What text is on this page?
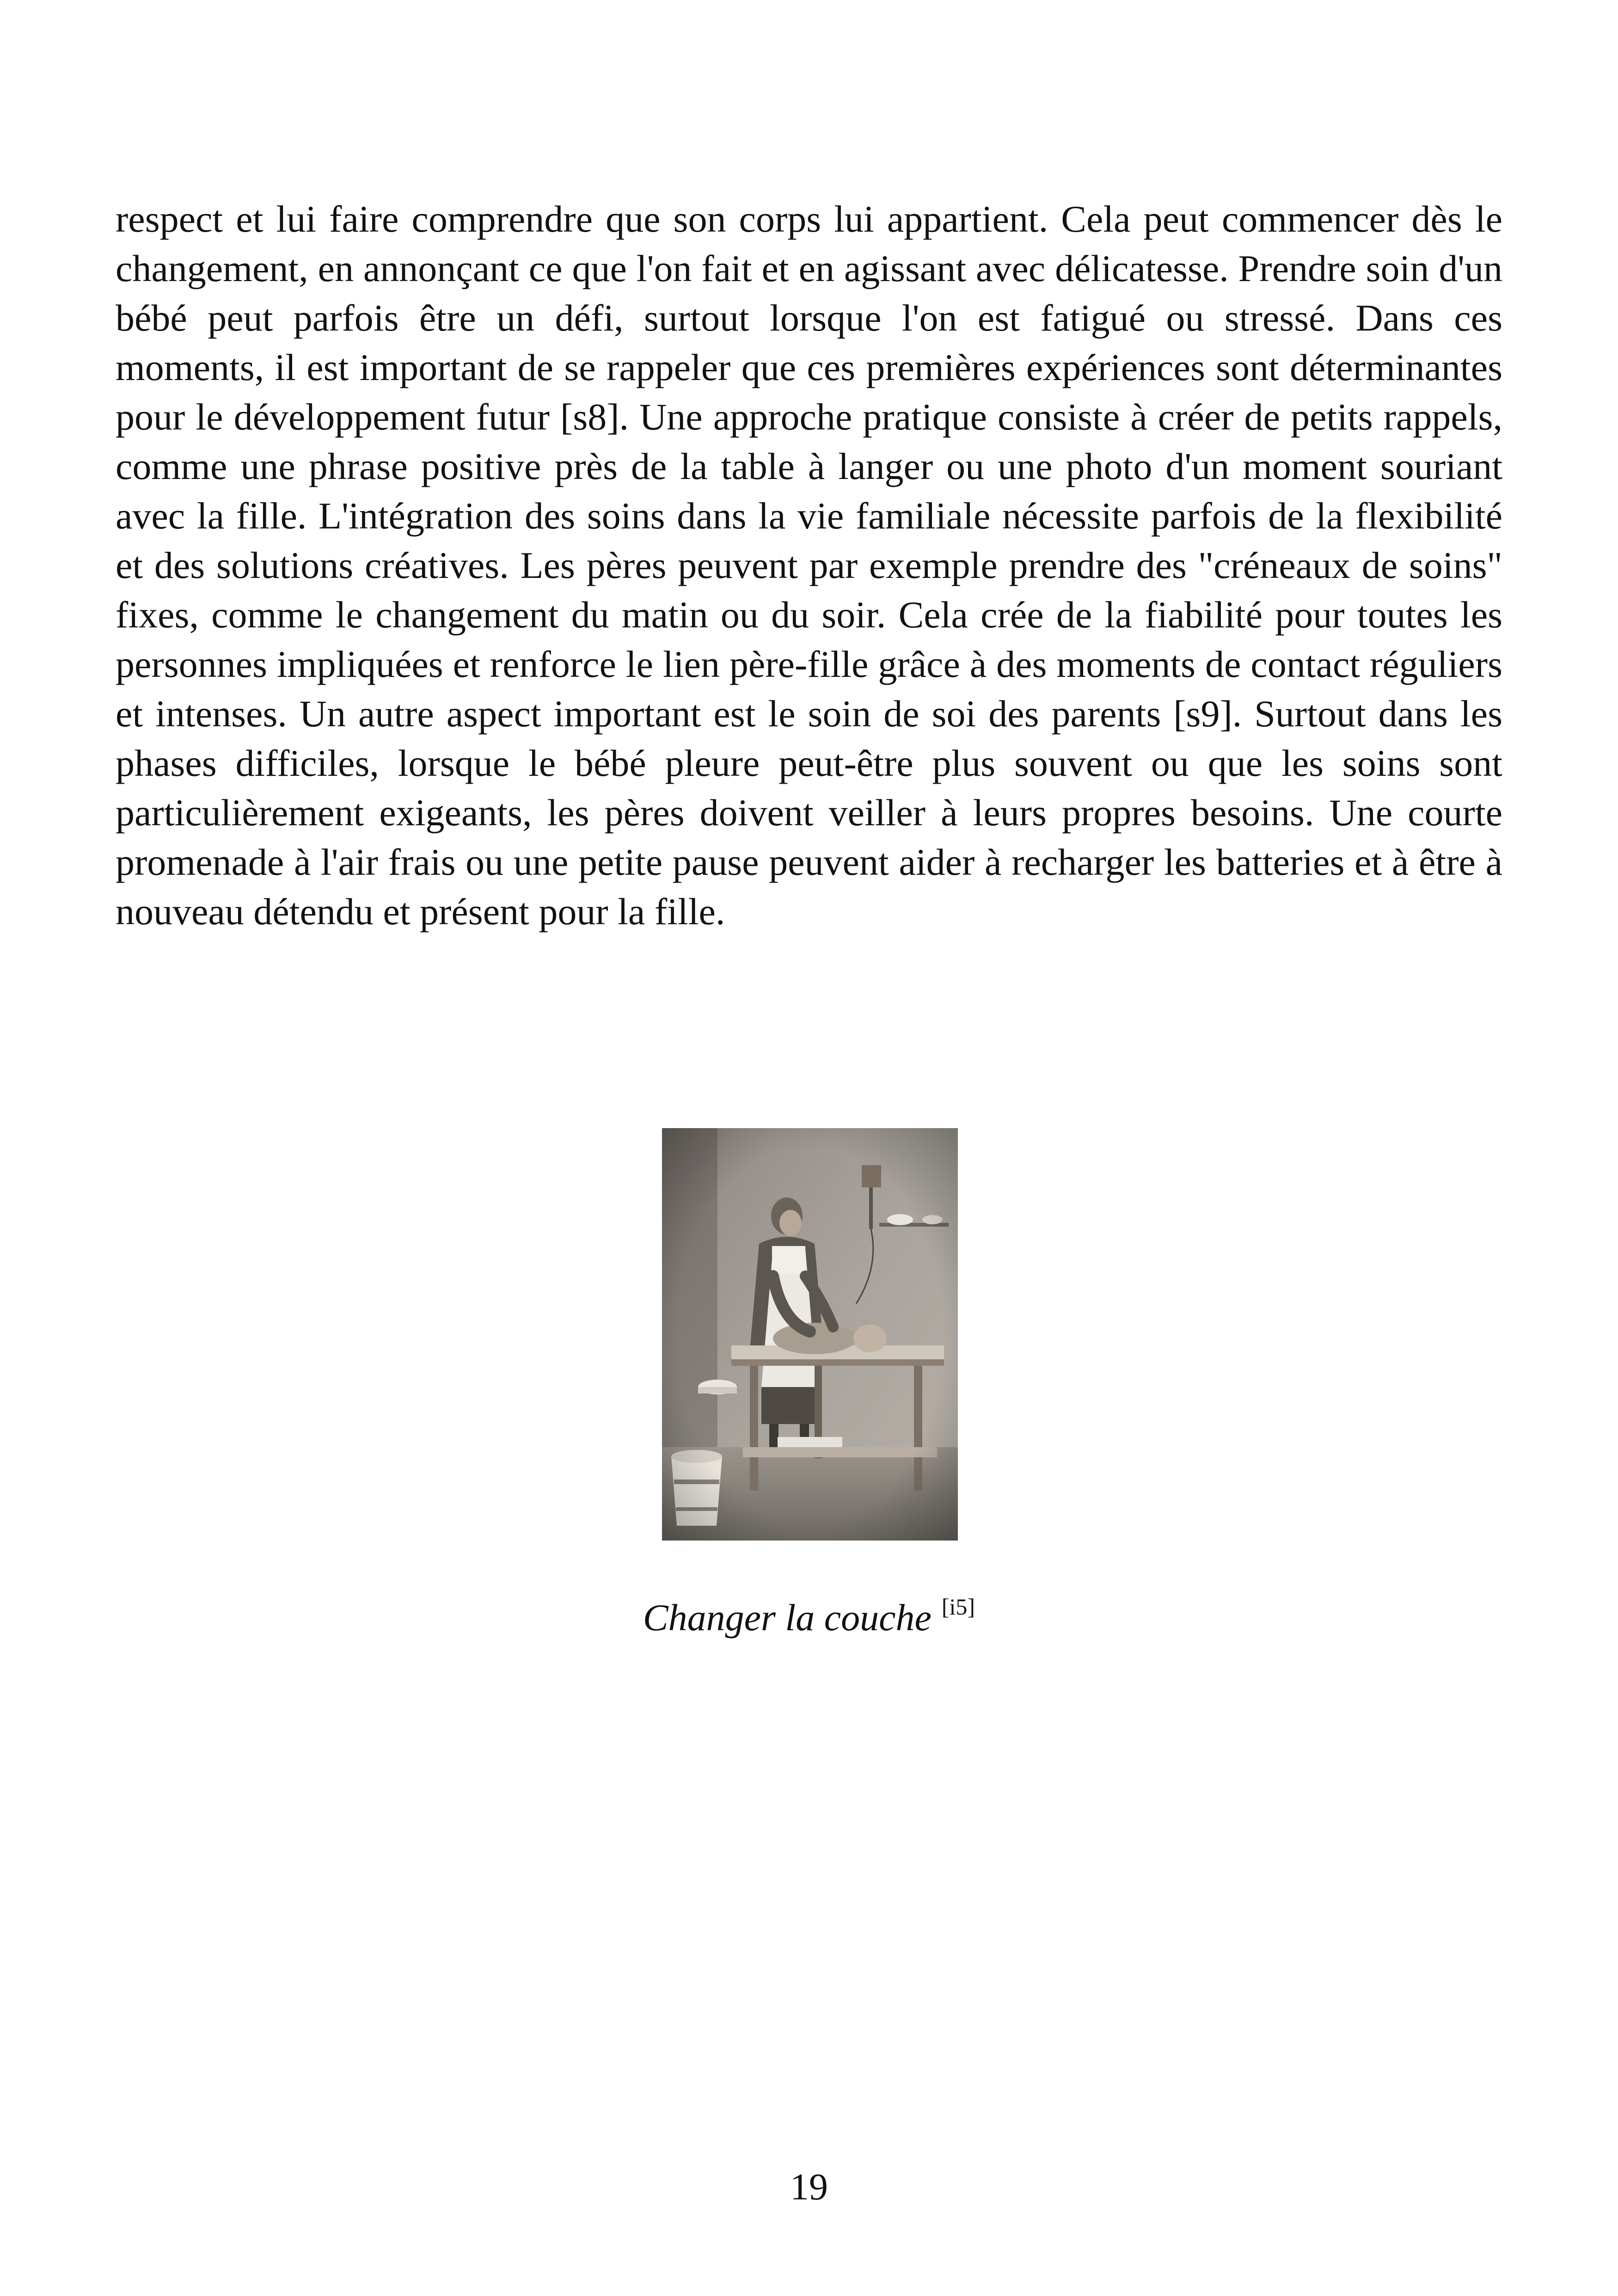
respect et lui faire comprendre que son corps lui appartient. Cela peut commencer dès le changement, en annonçant ce que l'on fait et en agissant avec délicatesse. Prendre soin d'un bébé peut parfois être un défi, surtout lorsque l'on est fatigué ou stressé. Dans ces moments, il est important de se rappeler que ces premières expériences sont déterminantes pour le développement futur [s8]. Une approche pratique consiste à créer de petits rappels, comme une phrase positive près de la table à langer ou une photo d'un moment souriant avec la fille. L'intégration des soins dans la vie familiale nécessite parfois de la flexibilité et des solutions créatives. Les pères peuvent par exemple prendre des "créneaux de soins" fixes, comme le changement du matin ou du soir. Cela crée de la fiabilité pour toutes les personnes impliquées et renforce le lien père-fille grâce à des moments de contact réguliers et intenses. Un autre aspect important est le soin de soi des parents [s9]. Surtout dans les phases difficiles, lorsque le bébé pleure peut-être plus souvent ou que les soins sont particulièrement exigeants, les pères doivent veiller à leurs propres besoins. Une courte promenade à l'air frais ou une petite pause peuvent aider à recharger les batteries et à être à nouveau détendu et présent pour la fille.

Changer la couche [i5]

19
